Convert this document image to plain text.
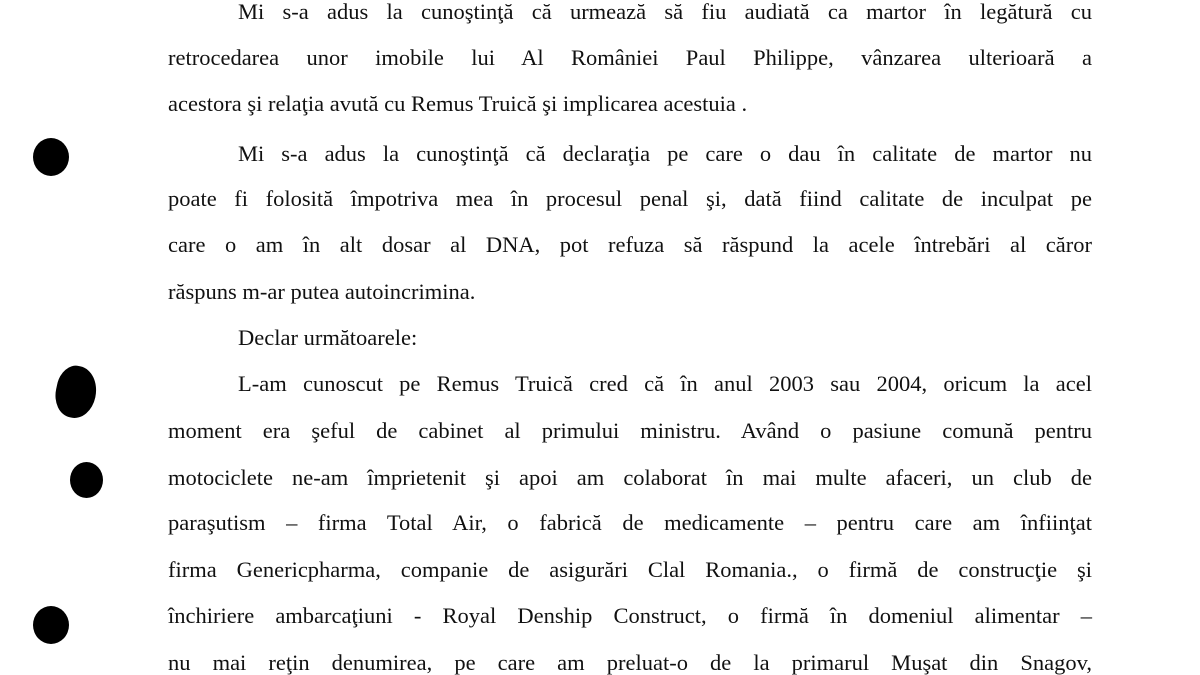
Mi s-a adus la cunoştinţă că urmează să fiu audiată ca martor în legătură cu
retrocedarea unor imobile lui Al României Paul Philippe, vânzarea ulterioară a
acestora şi relaţia avută cu Remus Truică şi implicarea acestuia .
Mi s-a adus la cunoştinţă că declaraţia pe care o dau în calitate de martor nu
poate fi folosită împotriva mea în procesul penal şi, dată fiind calitate de inculpat pe
care o am în alt dosar al DNA, pot refuza să răspund la acele întrebări al căror
răspuns m-ar putea autoincrimina.
Declar următoarele:
L-am cunoscut pe Remus Truică cred că în anul 2003 sau 2004, oricum la acel
moment era şeful de cabinet al primului ministru. Având o pasiune comună pentru
motociclete ne-am împrietenit şi apoi am colaborat în mai multe afaceri, un club de
paraşutism – firma Total Air, o fabrică de medicamente – pentru care am înfiinţat
firma Genericpharma, companie de asigurări Clal Romania., o firmă de construcţie şi
închiriere ambarcaţiuni - Royal Denship Construct, o firmă în domeniul alimentar –
nu mai reţin denumirea, pe care am preluat-o de la primarul Muşat din Snagov,
